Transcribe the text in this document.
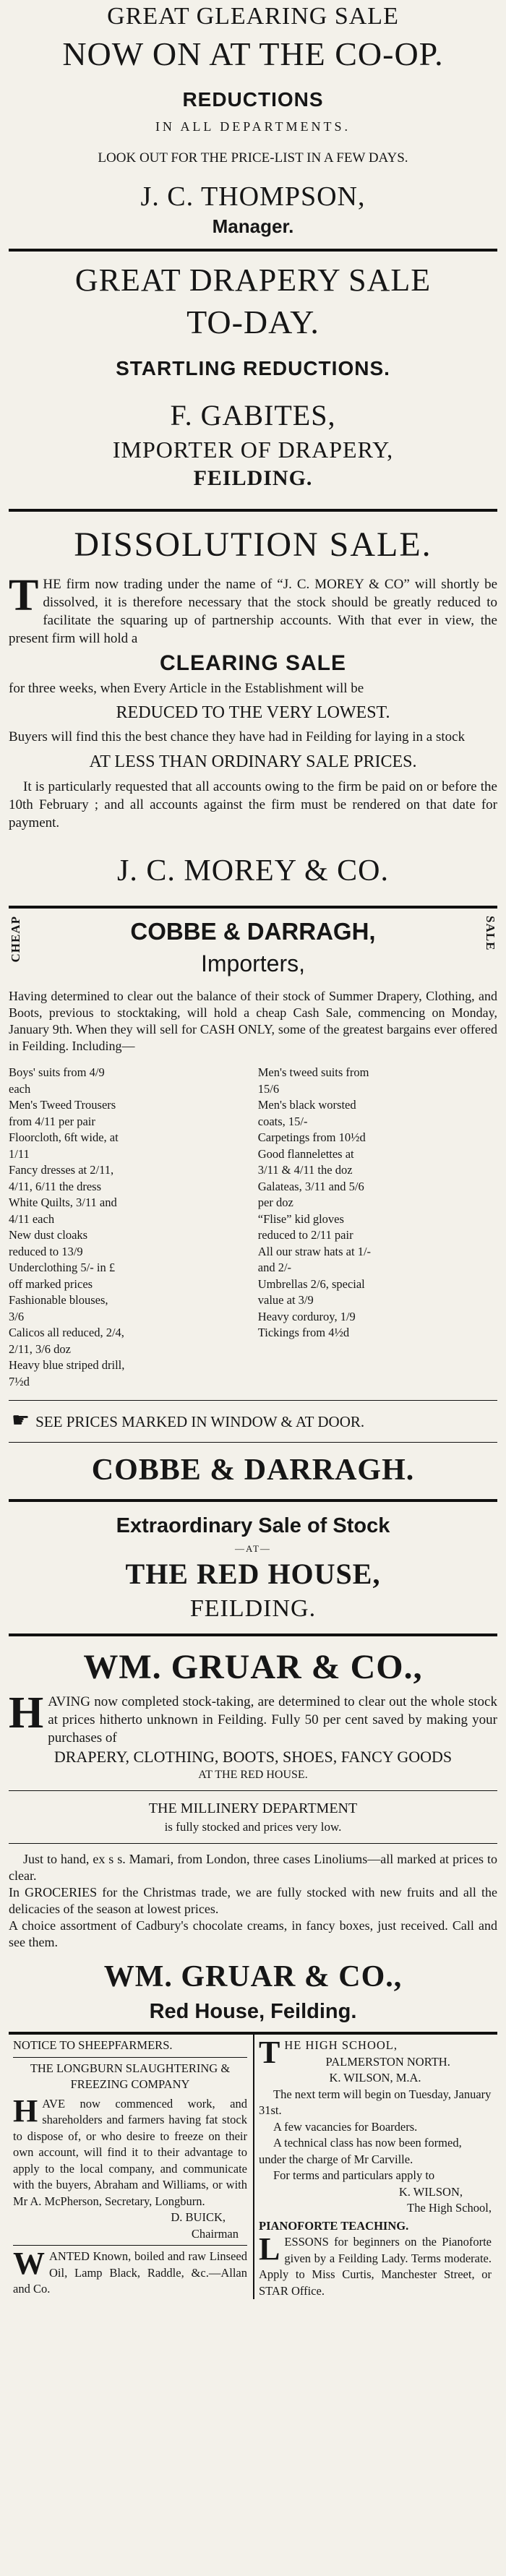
GREAT GLEARING SALE
NOW ON AT THE CO-OP.
REDUCTIONS
IN ALL DEPARTMENTS.
LOOK OUT FOR THE PRICE-LIST IN A FEW DAYS.
J. C. THOMPSON,
Manager.
GREAT DRAPERY SALE
TO-DAY.
STARTLING REDUCTIONS.
F. GABITES,
IMPORTER OF DRAPERY,
FEILDING.
DISSOLUTION SALE.

THE firm now trading under the name of “J. C. MOREY & CO” will shortly be dissolved, it is therefore necessary that the stock should be greatly reduced to facilitate the squaring up of partnership accounts. With that ever in view, the present firm will hold a

CLEARING SALE

for three weeks, when Every Article in the Establishment will be

REDUCED TO THE VERY LOWEST.

Buyers will find this the best chance they have had in Feilding for laying in a stock

AT LESS THAN ORDINARY SALE PRICES.

It is particularly requested that all accounts owing to the firm be paid on or before the 10th February ; and all accounts against the firm must be rendered on that date for payment.

J. C. MOREY & CO.
CHEAP	COBBE & DARRAGH,
Importers,
SALE

Having determined to clear out the balance of their stock of Summer Drapery, Clothing, and Boots, previous to stocktaking, will hold a cheap Cash Sale, commencing on Monday, January 9th. When they will sell for CASH ONLY, some of the greatest bargains ever offered in Feilding. Including—

Boys' suits from 4/9 each
Men's Tweed Trousers from 4/11 per pair
Floorcloth, 6ft wide, at 1/11
Fancy dresses at 2/11, 4/11, 6/11 the dress
White Quilts, 3/11 and 4/11 each
New dust cloaks reduced to 13/9
Underclothing 5/- in £ off marked prices
Fashionable blouses, 3/6
Calicos all reduced, 2/4, 2/11, 3/6 doz
Heavy blue striped drill, 7½d
Men's tweed suits from 15/6
Men's black worsted coats, 15/-
Carpetings from 10½d
Good flannelettes at 3/11 & 4/11 the doz
Galateas, 3/11 and 5/6 per doz
“Flise” kid gloves reduced to 2/11 pair
All our straw hats at 1/- and 2/-
Umbrellas 2/6, special value at 3/9
Heavy corduroy, 1/9
Tickings from 4½d
☛ SEE PRICES MARKED IN WINDOW & AT DOOR.
COBBE & DARRAGH.
Extraordinary Sale of Stock
—AT—
THE RED HOUSE,
FEILDING.
WM. GRUAR & CO.,

HAVING now completed stock-taking, are determined to clear out the whole stock at prices hitherto unknown in Feilding. Fully 50 per cent saved by making your purchases of

DRAPERY, CLOTHING, BOOTS, SHOES, FANCY GOODS
AT THE RED HOUSE.
THE MILLINERY DEPARTMENT
is fully stocked and prices very low.

Just to hand, ex s s. Mamari, from London, three cases Linoliums—all marked at prices to clear.

In GROCERIES for the Christmas trade, we are fully stocked with new fruits and all the delicacies of the season at lowest prices.

A choice assortment of Cadbury's chocolate creams, in fancy boxes, just received. Call and see them.

WM. GRUAR & CO.,
Red House, Feilding.
NOTICE TO SHEEPFARMERS.
THE LONGBURN SLAUGHTERING & FREEZING COMPANY

HAVE now commenced work, and shareholders and farmers having fat stock to dispose of, or who desire to freeze on their own account, will find it to their advantage to apply to the local company, and communicate with the buyers, Abraham and Williams, or with Mr A. McPherson, Secretary, Longburn.

D. BUICK,
Chairman

WANTED Known, boiled and raw Linseed Oil, Lamp Black, Raddle, &c.—Allan and Co.

THE HIGH SCHOOL,

PALMERSTON NORTH.
K. WILSON, M.A.

The next term will begin on Tuesday, January 31st.

A few vacancies for Boarders.

A technical class has now been formed, under the charge of Mr Carville.

For terms and particulars apply to

K. WILSON,
The High School,
PIANOFORTE TEACHING.

LESSONS for beginners on the Pianoforte given by a Feilding Lady. Terms moderate. Apply to Miss Curtis, Manchester Street, or STAR Office.
